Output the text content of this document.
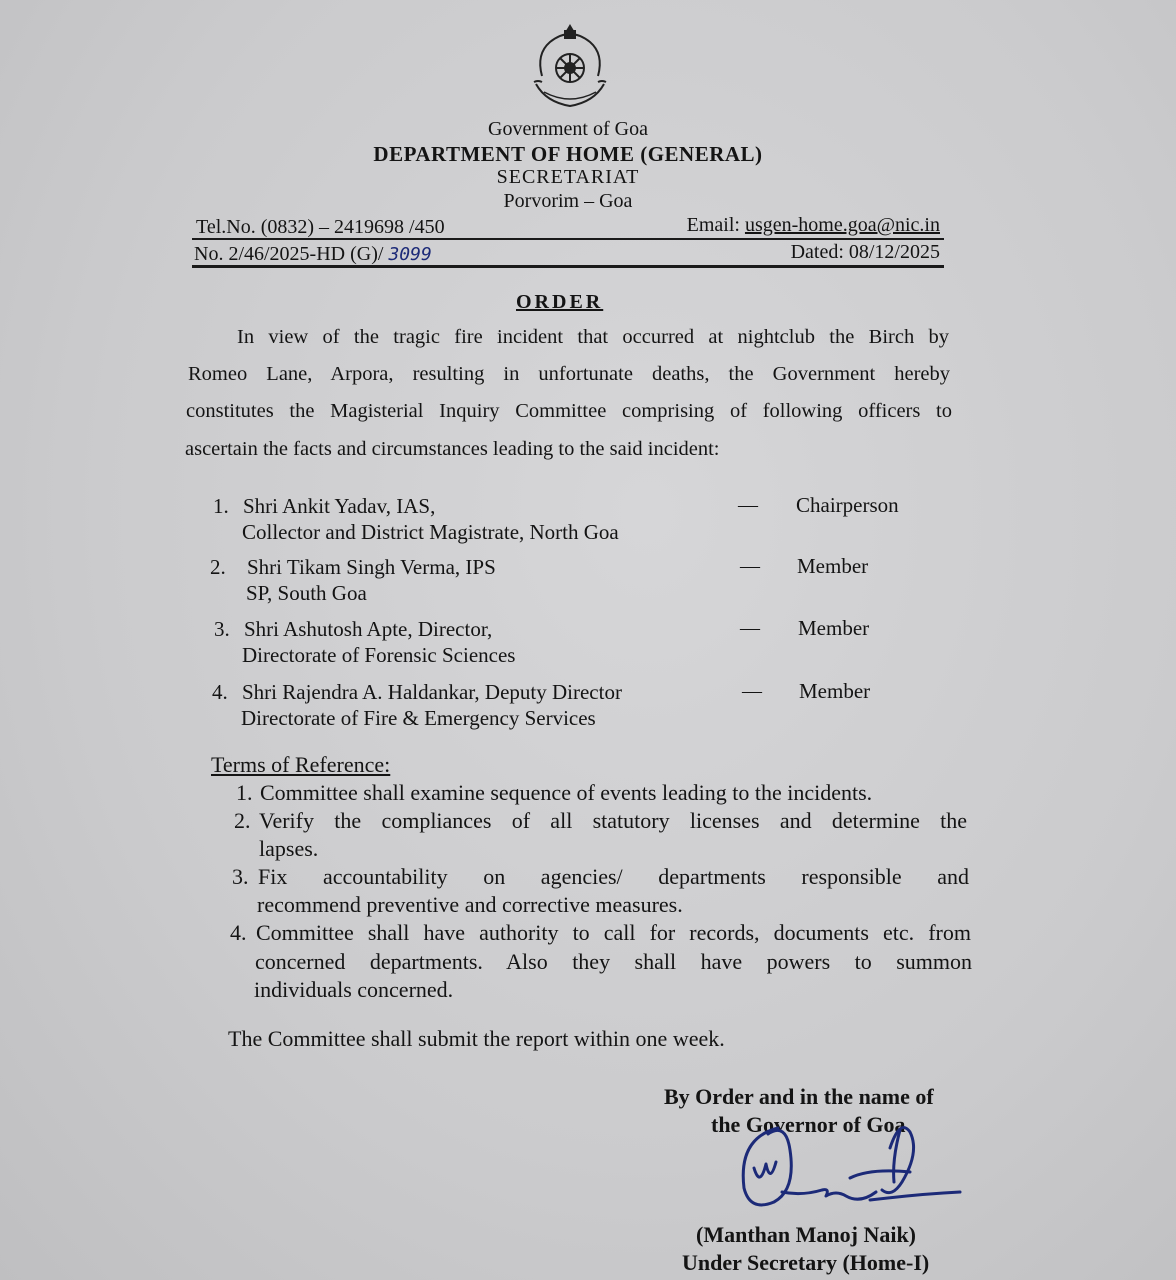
Government of Goa
DEPARTMENT OF HOME (GENERAL)
SECRETARIAT
Porvorim – Goa
Tel.No. (0832) – 2419698 /450	Email: usgen-home.goa@nic.in
No. 2/46/2025-HD (G)/ 3099	Dated: 08/12/2025
ORDER
In view of the tragic fire incident that occurred at nightclub the Birch by
Romeo Lane, Arpora, resulting in unfortunate deaths, the Government hereby
constitutes the Magisterial Inquiry Committee comprising of following officers to
ascertain the facts and circumstances leading to the said incident:
1. Shri Ankit Yadav, IAS,
Collector and District Magistrate, North Goa
— Chairperson
2. Shri Tikam Singh Verma, IPS
SP, South Goa
— Member
3. Shri Ashutosh Apte, Director,
Directorate of Forensic Sciences
— Member
4. Shri Rajendra A. Haldankar, Deputy Director
Directorate of Fire & Emergency Services
— Member
Terms of Reference:
1. Committee shall examine sequence of events leading to the incidents.
2. Verify the compliances of all statutory licenses and determine the
lapses.
3. Fix accountability on agencies/ departments responsible and
recommend preventive and corrective measures.
4. Committee shall have authority to call for records, documents etc. from
concerned departments. Also they shall have powers to summon
individuals concerned.
The Committee shall submit the report within one week.
By Order and in the name of
the Governor of Goa
(Manthan Manoj Naik)
Under Secretary (Home-I)
